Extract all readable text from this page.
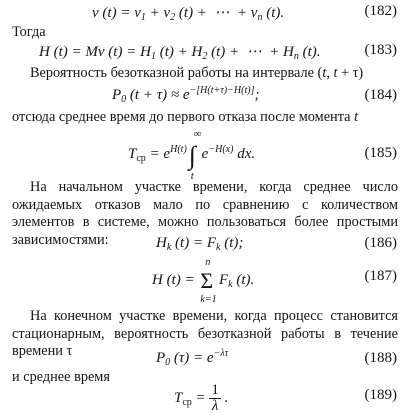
ν $(t) = \nu_1 + \nu_2$ (t) +  ⋯  + $\nu_n$ (t).	(182)
Тогда
H (t) = Mν $(t) = H_1$ $(t) + H_2$ (t) +  ⋯  + $H_n$ (t).	(183)
Вероятность безотказной работы на интервале (t, t + τ)
$P_0$ $(t + \tau) \approx e^{-[H(t+\tau)-H(t)]}$;	(184)
отсюда среднее время до первого отказа после момента t
$T_{ср} = e^{H(t)}\int$
∞
t
$e^{-H(x)}$ dx.	(185)
На начальном участке времени, когда среднее число ожидаемых отказов мало по сравнению с количеством элементов в системе, можно пользоваться более простыми зависимостями:	$H_k$ $(t) = F_k$ (t);	(186)
H (t) = Σ
n
k=1
$F_k$ (t).	(187)
На конечном участке времени, когда процесс становится стационарным, вероятность безотказной работы в течение времени τ	$P_0$ $(\tau) = e^{-\lambda\tau}$	(188)
и среднее время
$T_{ср} = \frac{1}{\lambda}$ .	(189)
